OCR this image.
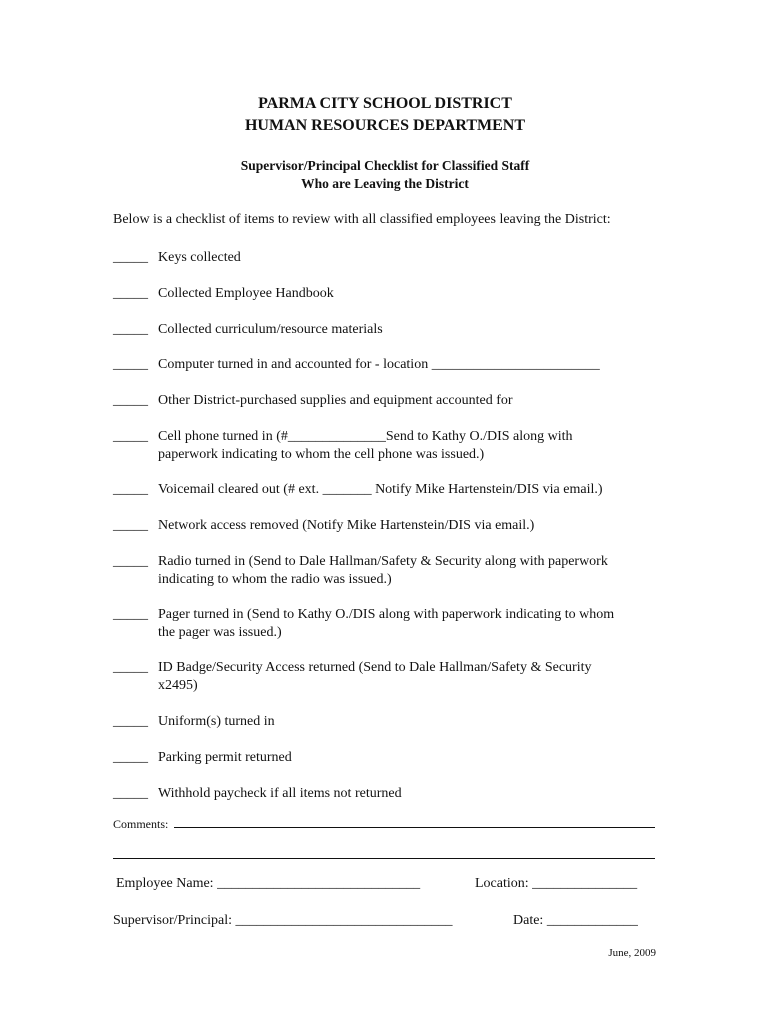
PARMA CITY SCHOOL DISTRICT
HUMAN RESOURCES DEPARTMENT
Supervisor/Principal Checklist for Classified Staff
Who are Leaving the District
Below is a checklist of items to review with all classified employees leaving the District:
_____ Keys collected
_____ Collected Employee Handbook
_____ Collected curriculum/resource materials
_____ Computer turned in and accounted for - location ________________________
_____ Other District-purchased supplies and equipment accounted for
_____ Cell phone turned in (#______________Send to Kathy O./DIS along with
paperwork indicating to whom the cell phone was issued.)
_____ Voicemail cleared out (# ext. _______ Notify Mike Hartenstein/DIS via email.)
_____ Network access removed (Notify Mike Hartenstein/DIS via email.)
_____ Radio turned in (Send to Dale Hallman/Safety & Security along with paperwork
indicating to whom the radio was issued.)
_____ Pager turned in (Send to Kathy O./DIS along with paperwork indicating to whom
the pager was issued.)
_____ ID Badge/Security Access returned (Send to Dale Hallman/Safety & Security
x2495)
_____ Uniform(s) turned in
_____ Parking permit returned
_____ Withhold paycheck if all items not returned
Comments:
Employee Name: _____________________________	Location: _______________
Supervisor/Principal: _______________________________	Date: _____________
June, 2009
